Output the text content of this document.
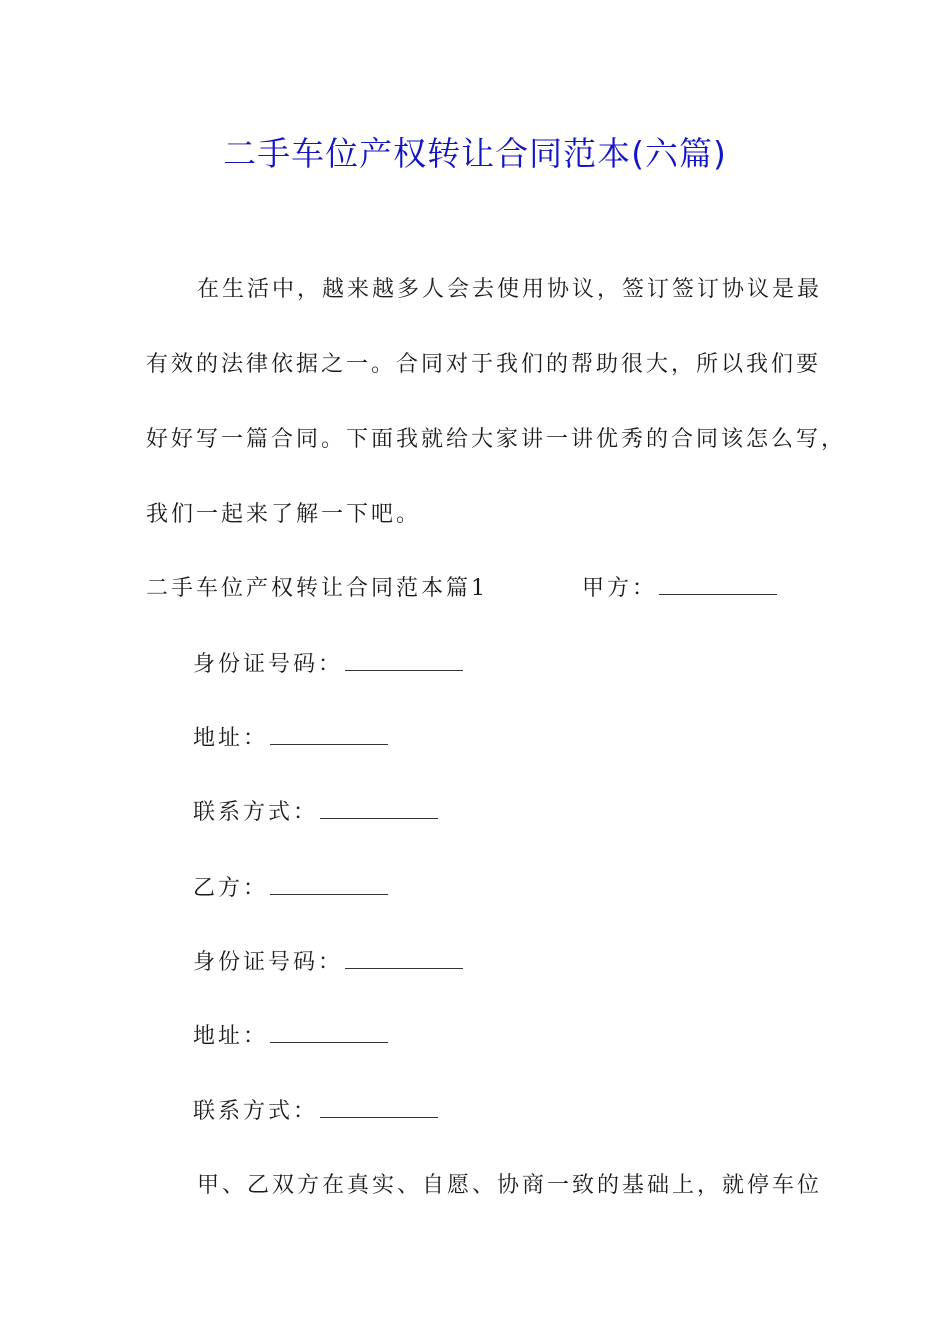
二手车位产权转让合同范本(六篇)
在生活中，越来越多人会去使用协议，签订签订协议是最
有效的法律依据之一。合同对于我们的帮助很大，所以我们要
好好写一篇合同。下面我就给大家讲一讲优秀的合同该怎么写，
我们一起来了解一下吧。
二手车位产权转让合同范本篇1	甲方：
身份证号码：
地址：
联系方式：
乙方：
身份证号码：
地址：
联系方式：
甲、乙双方在真实、自愿、协商一致的基础上，就停车位
